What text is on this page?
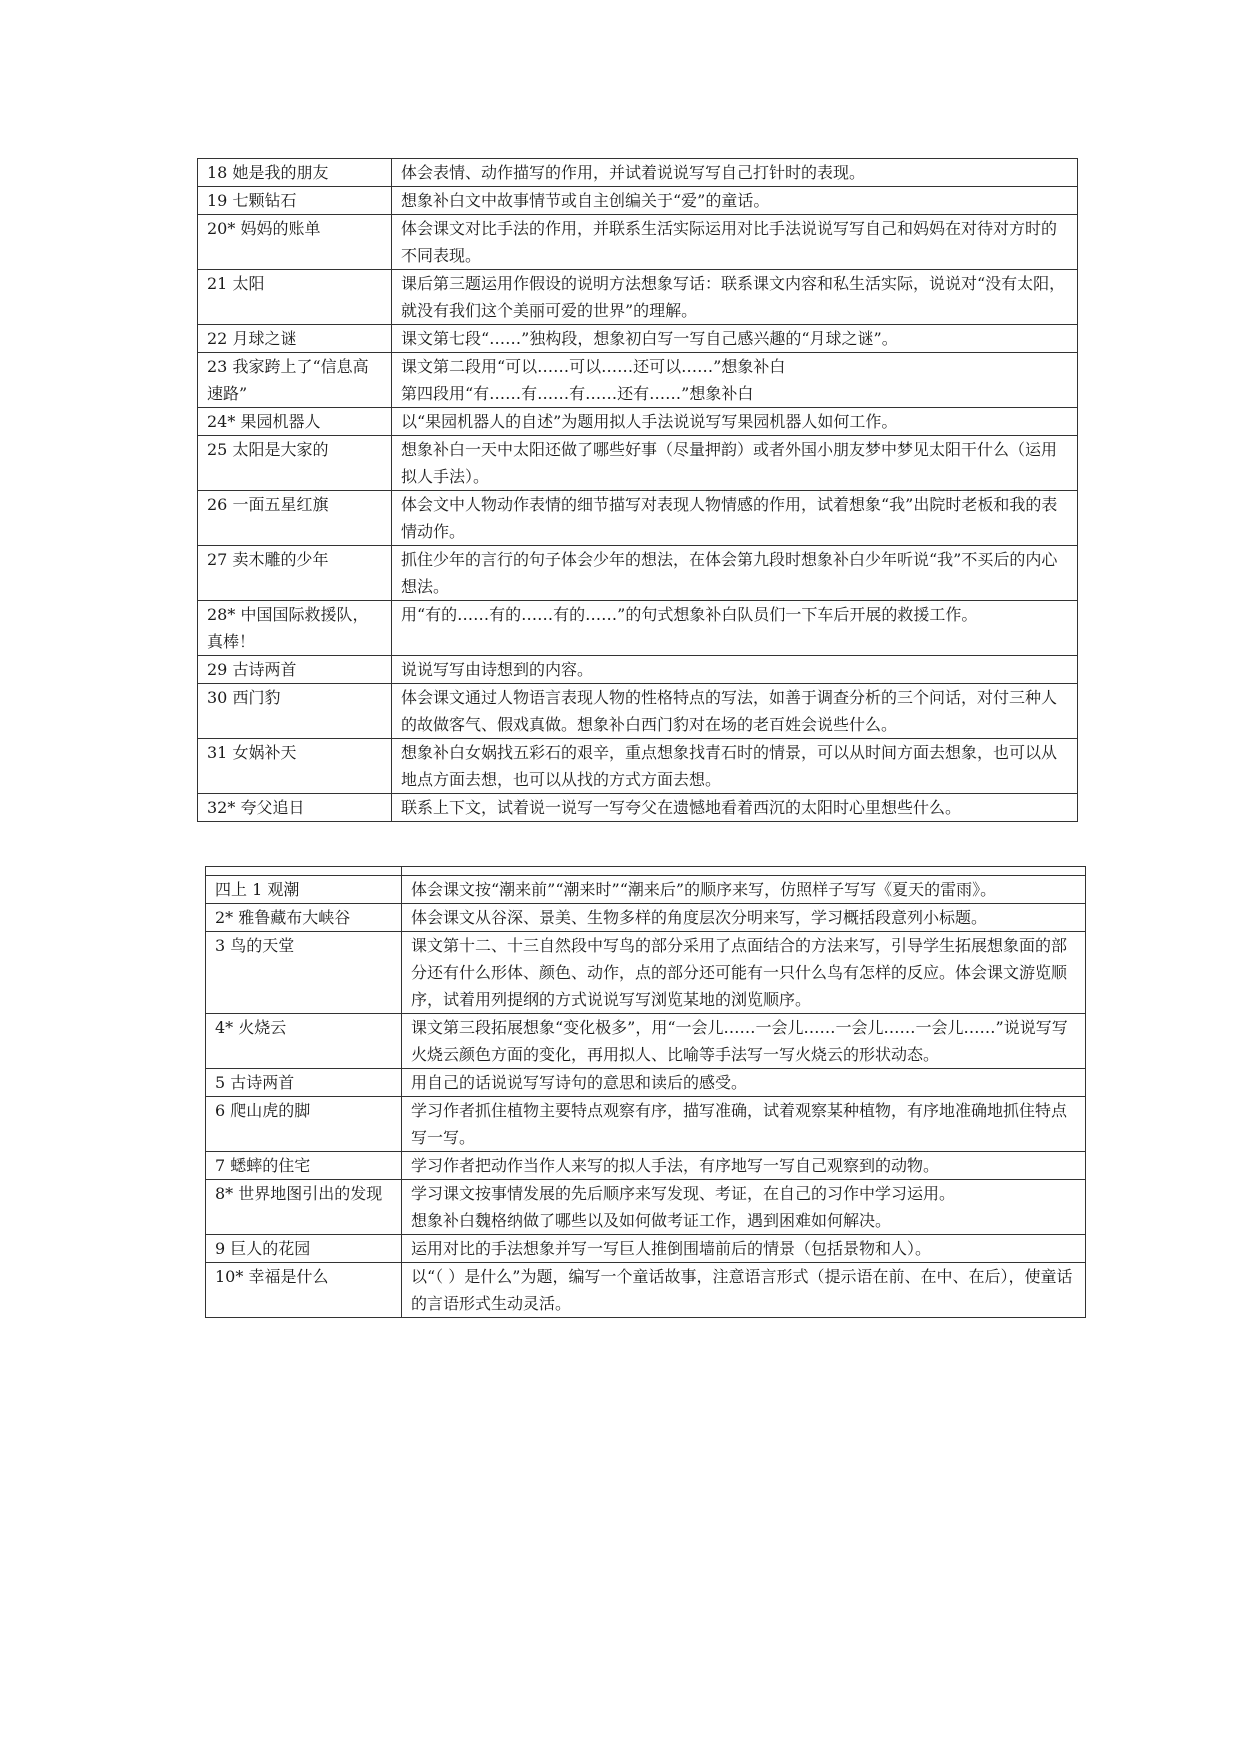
18 她是我的朋友	体会表情、动作描写的作用，并试着说说写写自己打针时的表现。
19 七颗钻石	想象补白文中故事情节或自主创编关于“爱”的童话。
20* 妈妈的账单	体会课文对比手法的作用，并联系生活实际运用对比手法说说写写自己和妈妈在对待对方时的不同表现。
21 太阳	课后第三题运用作假设的说明方法想象写话：联系课文内容和私生活实际，说说对“没有太阳，就没有我们这个美丽可爱的世界”的理解。
22 月球之谜	课文第七段“……”独构段，想象初白写一写自己感兴趣的“月球之谜”。
23 我家跨上了“信息高速路”	课文第二段用“可以……可以……还可以……”想象补白
第四段用“有……有……有……还有……”想象补白
24* 果园机器人	以“果园机器人的自述”为题用拟人手法说说写写果园机器人如何工作。
25 太阳是大家的	想象补白一天中太阳还做了哪些好事（尽量押韵）或者外国小朋友梦中梦见太阳干什么（运用拟人手法）。
26 一面五星红旗	体会文中人物动作表情的细节描写对表现人物情感的作用，试着想象“我”出院时老板和我的表情动作。
27 卖木雕的少年	抓住少年的言行的句子体会少年的想法，在体会第九段时想象补白少年听说“我”不买后的内心想法。
28* 中国国际救援队，真棒！	用“有的……有的……有的……”的句式想象补白队员们一下车后开展的救援工作。
29 古诗两首	说说写写由诗想到的内容。
30 西门豹	体会课文通过人物语言表现人物的性格特点的写法，如善于调查分析的三个问话，对付三种人的故做客气、假戏真做。想象补白西门豹对在场的老百姓会说些什么。
31 女娲补天	想象补白女娲找五彩石的艰辛，重点想象找青石时的情景，可以从时间方面去想象，也可以从地点方面去想，也可以从找的方式方面去想。
32* 夸父追日	联系上下文，试着说一说写一写夸父在遗憾地看着西沉的太阳时心里想些什么。

四上 1 观潮	体会课文按“潮来前”“潮来时”“潮来后”的顺序来写，仿照样子写写《夏天的雷雨》。
2* 雅鲁藏布大峡谷	体会课文从谷深、景美、生物多样的角度层次分明来写，学习概括段意列小标题。
3 鸟的天堂	课文第十二、十三自然段中写鸟的部分采用了点面结合的方法来写，引导学生拓展想象面的部分还有什么形体、颜色、动作，点的部分还可能有一只什么鸟有怎样的反应。体会课文游览顺序，试着用列提纲的方式说说写写浏览某地的浏览顺序。
4* 火烧云	课文第三段拓展想象“变化极多”，用“一会儿……一会儿……一会儿……一会儿……”说说写写火烧云颜色方面的变化，再用拟人、比喻等手法写一写火烧云的形状动态。
5 古诗两首	用自己的话说说写写诗句的意思和读后的感受。
6 爬山虎的脚	学习作者抓住植物主要特点观察有序，描写准确，试着观察某种植物，有序地准确地抓住特点写一写。
7 蟋蟀的住宅	学习作者把动作当作人来写的拟人手法，有序地写一写自己观察到的动物。
8* 世界地图引出的发现	学习课文按事情发展的先后顺序来写发现、考证，在自己的习作中学习运用。
想象补白魏格纳做了哪些以及如何做考证工作，遇到困难如何解决。
9 巨人的花园	运用对比的手法想象并写一写巨人推倒围墙前后的情景（包括景物和人）。
10* 幸福是什么	以“（ ）是什么”为题，编写一个童话故事，注意语言形式（提示语在前、在中、在后），使童话的言语形式生动灵活。
